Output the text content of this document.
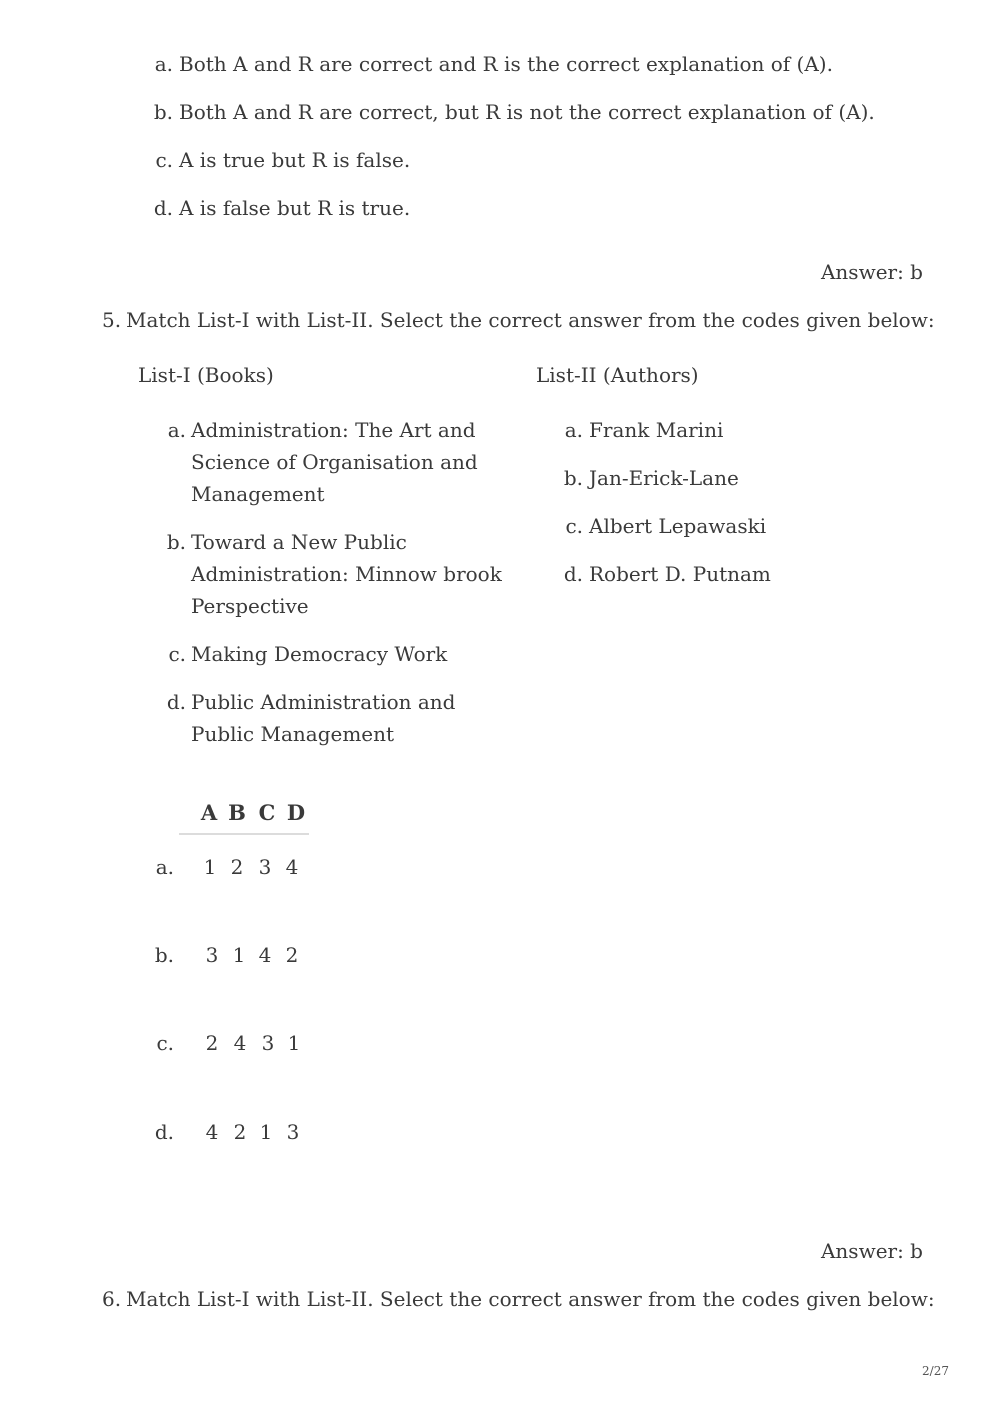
a. Both A and R are correct and R is the correct explanation of (A).
b. Both A and R are correct, but R is not the correct explanation of (A).
c. A is true but R is false.
d. A is false but R is true.
Answer: b
5. Match List-I with List-II. Select the correct answer from the codes given below:
List-I (Books)	List-II (Authors)
a. Administration: The Art and Science of Organisation and Management
b. Toward a New Public Administration: Minnow brook Perspective
c. Making Democracy Work
d. Public Administration and Public Management
a. Frank Marini
b. Jan-Erick-Lane
c. Albert Lepawaski
d. Robert D. Putnam
A B C D
a.	1 2 3 4
b.	3 1 4 2
c.	2 4 3 1
d.	4 2 1 3
Answer: b
6. Match List-I with List-II. Select the correct answer from the codes given below:
2/27
